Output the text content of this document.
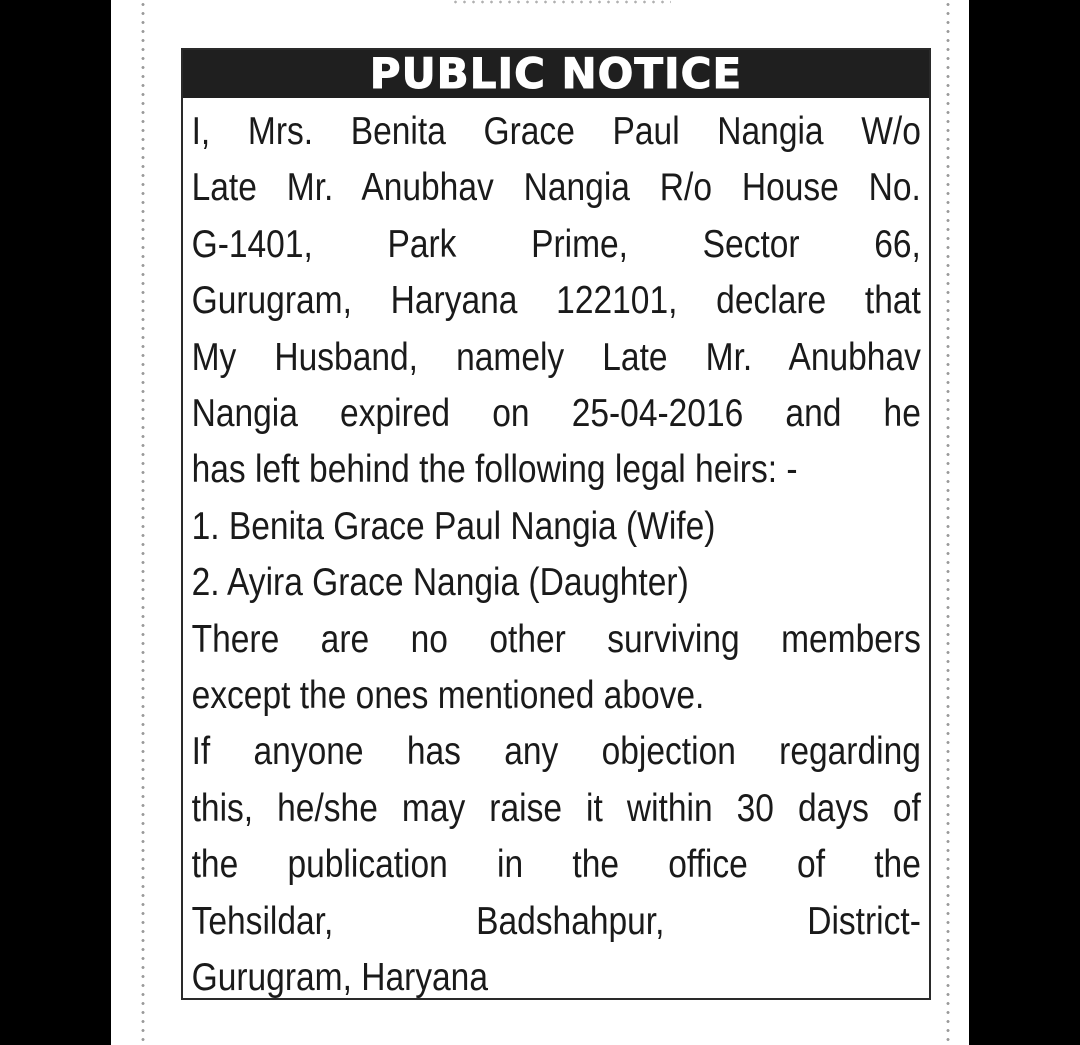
PUBLIC NOTICE
I, Mrs. Benita Grace Paul Nangia W/o
Late Mr. Anubhav Nangia R/o House No.
G-1401, Park Prime, Sector 66,
Gurugram, Haryana 122101, declare that
My Husband, namely Late Mr. Anubhav
Nangia expired on 25-04-2016 and he
has left behind the following legal heirs: -
1. Benita Grace Paul Nangia (Wife)
2. Ayira Grace Nangia (Daughter)
There are no other surviving members
except the ones mentioned above.
If anyone has any objection regarding
this, he/she may raise it within 30 days of
the publication in the office of the
Tehsildar, Badshahpur, District-
Gurugram, Haryana
